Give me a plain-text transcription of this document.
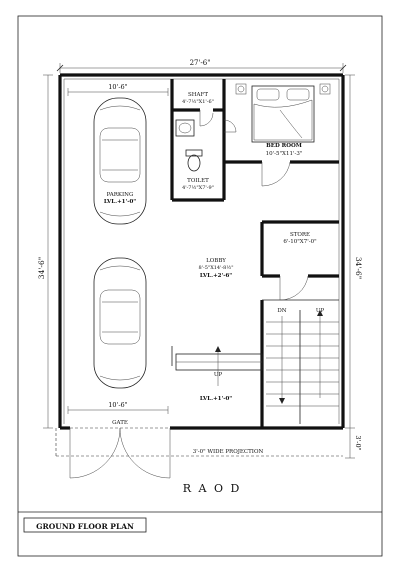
27'-6"
34'-6"	34'-6"
3'-0"
10'-6"
10'-6"
SHAFT
4'-7½"X1'-6"
BED ROOM
10'-5"X11'-3"
TOILET
4'-7½"X7'-9"
PARKING
LVL.+1'-0"
LOBBY
8'-5"X14'-8½"
LVL.+2'-6"
STORE
6'-10"X7'-0"
DN	UP
UP
LVL.+1'-0"
GATE
3'-0" WIDE PROJECTION
R A O D
GROUND FLOOR PLAN
